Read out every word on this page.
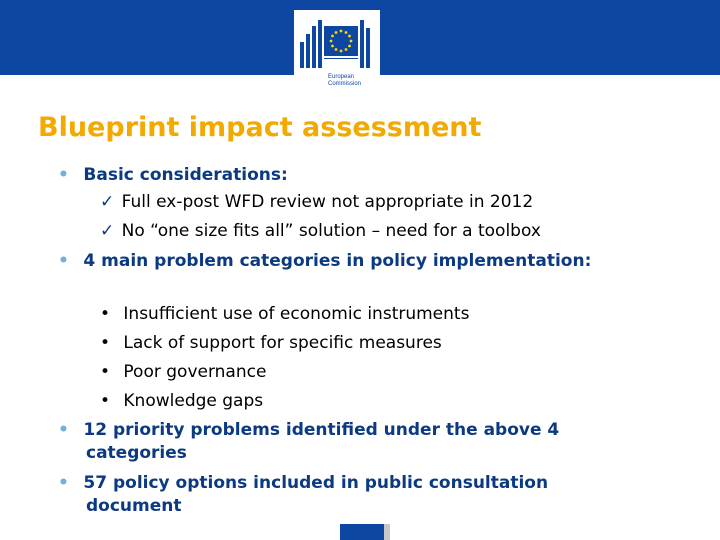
European
Commission
Blueprint impact assessment
• Basic considerations:
✓ Full ex-post WFD review not appropriate in 2012
✓ No “one size fits all” solution – need for a toolbox
• 4 main problem categories in policy implementation:
• Insufficient use of economic instruments
• Lack of support for specific measures
• Poor governance
• Knowledge gaps
• 12 priority problems identified under the above 4
categories
• 57 policy options included in public consultation
document
